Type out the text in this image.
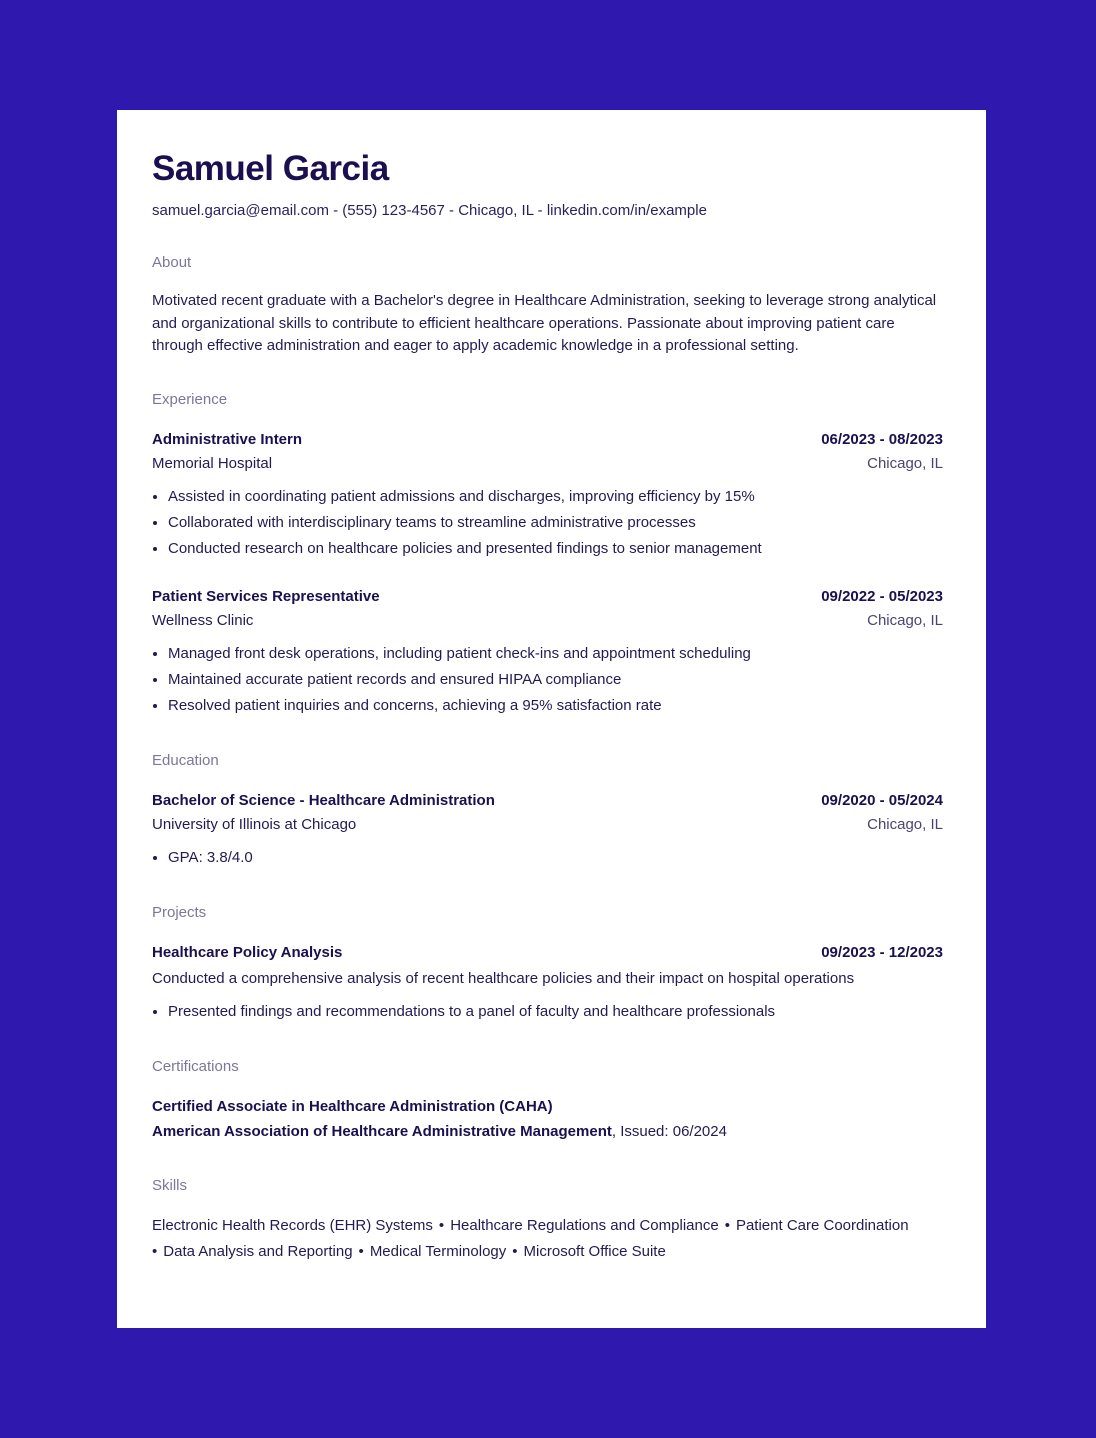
Samuel Garcia
samuel.garcia@email.com - (555) 123-4567 - Chicago, IL - linkedin.com/in/example
About
Motivated recent graduate with a Bachelor's degree in Healthcare Administration, seeking to leverage strong analytical and organizational skills to contribute to efficient healthcare operations. Passionate about improving patient care through effective administration and eager to apply academic knowledge in a professional setting.
Experience
Administrative Intern	06/2023 - 08/2023
Memorial Hospital	Chicago, IL
• Assisted in coordinating patient admissions and discharges, improving efficiency by 15%
• Collaborated with interdisciplinary teams to streamline administrative processes
• Conducted research on healthcare policies and presented findings to senior management
Patient Services Representative	09/2022 - 05/2023
Wellness Clinic	Chicago, IL
• Managed front desk operations, including patient check-ins and appointment scheduling
• Maintained accurate patient records and ensured HIPAA compliance
• Resolved patient inquiries and concerns, achieving a 95% satisfaction rate
Education
Bachelor of Science - Healthcare Administration	09/2020 - 05/2024
University of Illinois at Chicago	Chicago, IL
• GPA: 3.8/4.0
Projects
Healthcare Policy Analysis	09/2023 - 12/2023
Conducted a comprehensive analysis of recent healthcare policies and their impact on hospital operations
• Presented findings and recommendations to a panel of faculty and healthcare professionals
Certifications
Certified Associate in Healthcare Administration (CAHA)
American Association of Healthcare Administrative Management, Issued: 06/2024
Skills
Electronic Health Records (EHR) Systems • Healthcare Regulations and Compliance • Patient Care Coordination
• Data Analysis and Reporting • Medical Terminology • Microsoft Office Suite
